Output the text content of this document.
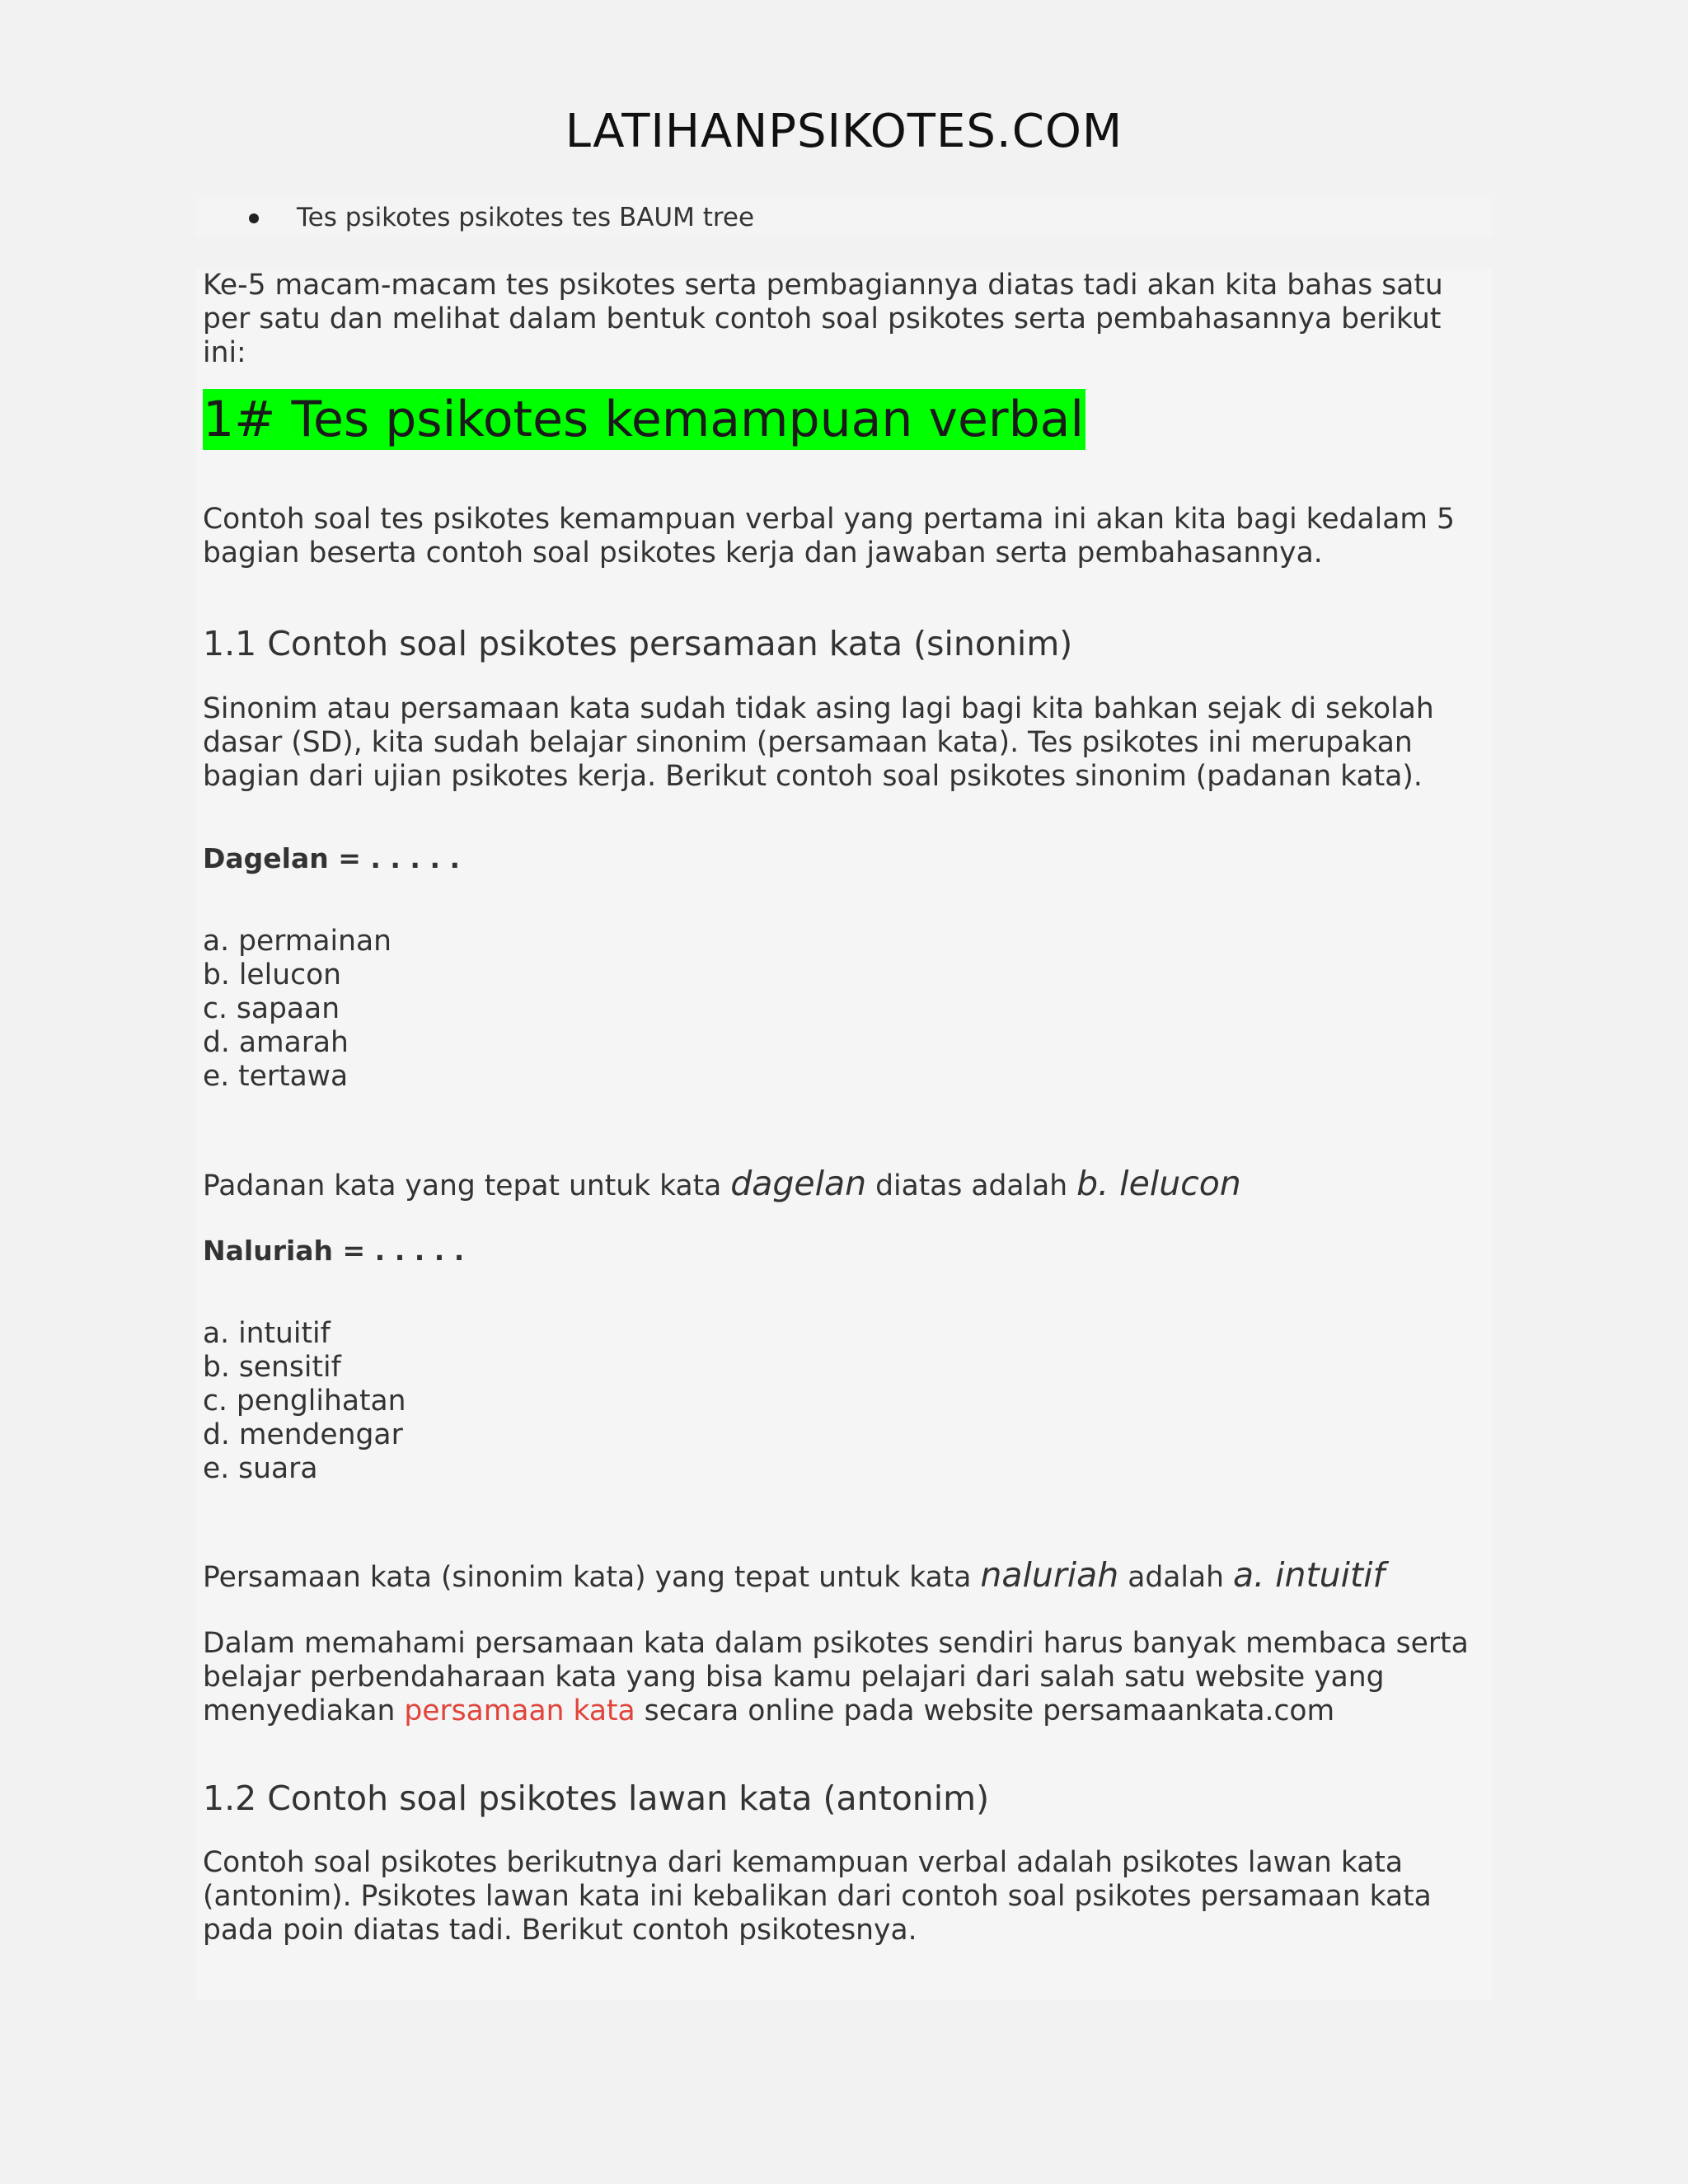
LATIHANPSIKOTES.COM
Tes psikotes psikotes tes BAUM tree

Ke-5 macam-macam tes psikotes serta pembagiannya diatas tadi akan kita bahas satu per satu dan melihat dalam bentuk contoh soal psikotes serta pembahasannya berikut ini:

1# Tes psikotes kemampuan verbal

Contoh soal tes psikotes kemampuan verbal yang pertama ini akan kita bagi kedalam 5 bagian beserta contoh soal psikotes kerja dan jawaban serta pembahasannya.

1.1 Contoh soal psikotes persamaan kata (sinonim)

Sinonim atau persamaan kata sudah tidak asing lagi bagi kita bahkan sejak di sekolah dasar (SD), kita sudah belajar sinonim (persamaan kata). Tes psikotes ini merupakan bagian dari ujian psikotes kerja. Berikut contoh soal psikotes sinonim (padanan kata).

Dagelan = . . . . .
a. permainan
b. lelucon
c. sapaan
d. amarah
e. tertawa
Padanan kata yang tepat untuk kata dagelan diatas adalah b. lelucon
Naluriah = . . . . .
a. intuitif
b. sensitif
c. penglihatan
d. mendengar
e. suara
Persamaan kata (sinonim kata) yang tepat untuk kata naluriah adalah a. intuitif

Dalam memahami persamaan kata dalam psikotes sendiri harus banyak membaca serta belajar perbendaharaan kata yang bisa kamu pelajari dari salah satu website yang menyediakan persamaan kata secara online pada website persamaankata.com

1.2 Contoh soal psikotes lawan kata (antonim)

Contoh soal psikotes berikutnya dari kemampuan verbal adalah psikotes lawan kata (antonim). Psikotes lawan kata ini kebalikan dari contoh soal psikotes persamaan kata pada poin diatas tadi. Berikut contoh psikotesnya.
